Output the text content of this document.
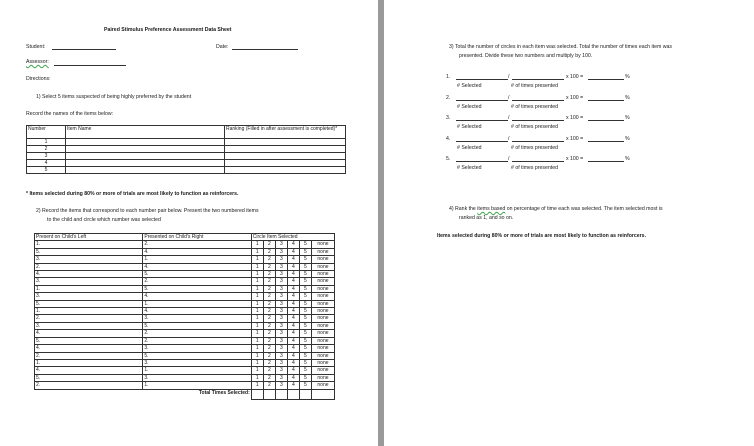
Paired Stimulus Preference Assessment Data Sheet
Student:	Date:
Assessor:
Directions:
1) Select 5 items suspected of being highly preferred by the student
Record the names of the items below:
Number	Item Name	Ranking (Filled in after assessment is completed)*
1		
2		
3		
4		
5		
* Items selected during 80% or more of trials are most likely to function as reinforcers.
2) Record the items that correspond to each number pair below. Present the two numbered items
to the child and circle which number was selected
Present on Child's Left	Presented on Child's Right	Circle Item Selected					
1.	2.	1	2	3	4	5	none
5.	4.	1	2	3	4	5	none
3.	1.	1	2	3	4	5	none
2.	4.	1	2	3	4	5	none
4.	5.	1	2	3	4	5	none
3.	2.	1	2	3	4	5	none
1.	5.	1	2	3	4	5	none
3.	4.	1	2	3	4	5	none
5.	1.	1	2	3	4	5	none
1.	4.	1	2	3	4	5	none
2.	3.	1	2	3	4	5	none
3.	5.	1	2	3	4	5	none
4.	2.	1	2	3	4	5	none
5.	2.	1	2	3	4	5	none
4.	3.	1	2	3	4	5	none
2.	5.	1	2	3	4	5	none
1.	3.	1	2	3	4	5	none
4.	1.	1	2	3	4	5	none
5.	3.	1	2	3	4	5	none
2.	1.	1	2	3	4	5	none
Total Times Selected:							
3) Total the number of circles in each item was selected. Total the number of times each item was
presented. Divide these two numbers and multiply by 100.
1.	/	x 100 =	%
# Selected	# of times presented
2.	/	x 100 =	%
# Selected	# of times presented
3.	/	x 100 =	%
# Selected	# of times presented
4.	/	x 100 =	%
# Selected	# of times presented
5.	/	x 100 =	%
# Selected	# of times presented
4) Rank the items based on percentage of time each was selected. The item selected most is
ranked as 1, and so on.
Items selected during 80% or more of trials are most likely to function as reinforcers.
